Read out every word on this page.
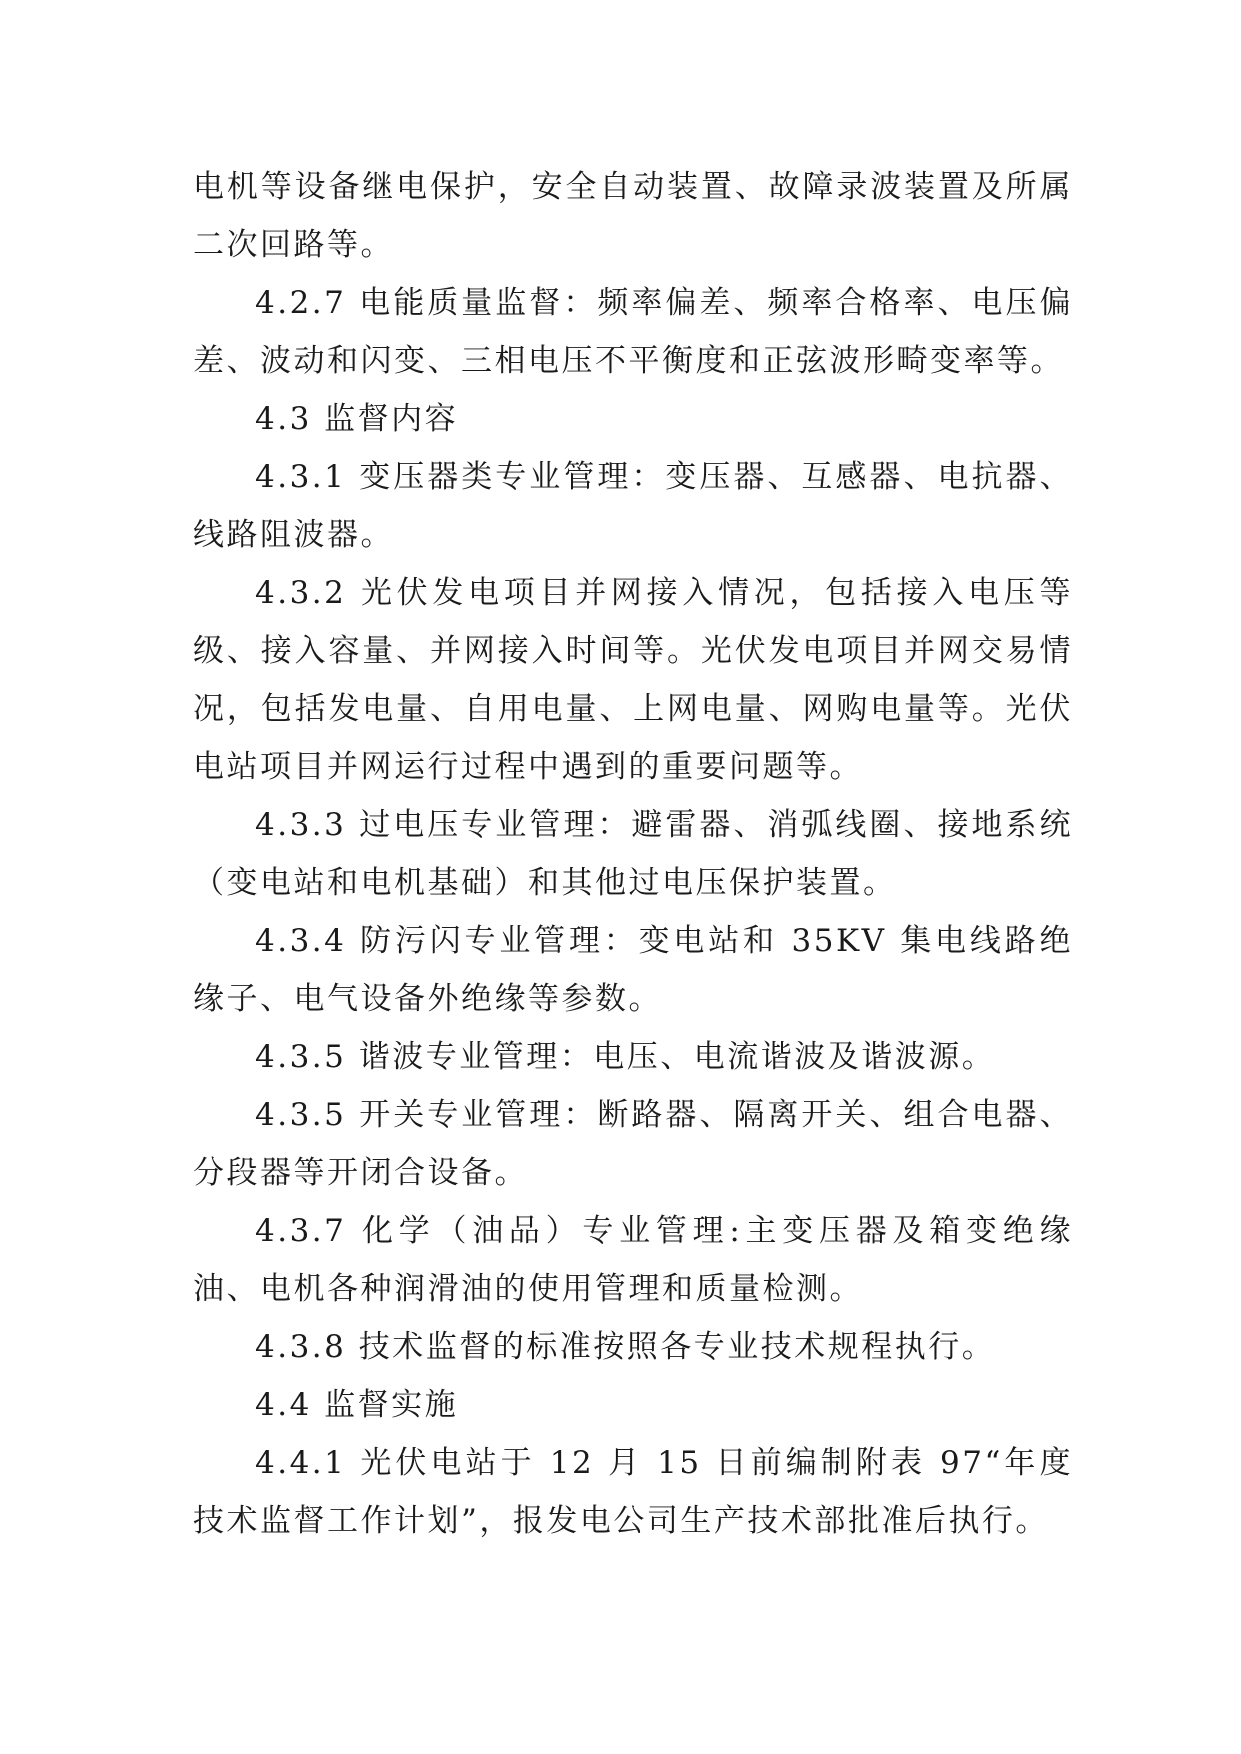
电机等设备继电保护，安全自动装置、故障录波装置及所属二次回路等。

4.2.7 电能质量监督：频率偏差、频率合格率、电压偏差、波动和闪变、三相电压不平衡度和正弦波形畸变率等。

4.3 监督内容

4.3.1 变压器类专业管理：变压器、互感器、电抗器、线路阻波器。

4.3.2 光伏发电项目并网接入情况，包括接入电压等级、接入容量、并网接入时间等。光伏发电项目并网交易情况，包括发电量、自用电量、上网电量、网购电量等。光伏电站项目并网运行过程中遇到的重要问题等。

4.3.3 过电压专业管理：避雷器、消弧线圈、接地系统（变电站和电机基础）和其他过电压保护装置。

4.3.4 防污闪专业管理：变电站和 35KV 集电线路绝缘子、电气设备外绝缘等参数。

4.3.5 谐波专业管理：电压、电流谐波及谐波源。

4.3.5 开关专业管理：断路器、隔离开关、组合电器、分段器等开闭合设备。

4.3.7 化学（油品）专业管理:主变压器及箱变绝缘油、电机各种润滑油的使用管理和质量检测。

4.3.8 技术监督的标准按照各专业技术规程执行。

4.4 监督实施

4.4.1 光伏电站于 12 月 15 日前编制附表 97“年度技术监督工作计划”，报发电公司生产技术部批准后执行。
